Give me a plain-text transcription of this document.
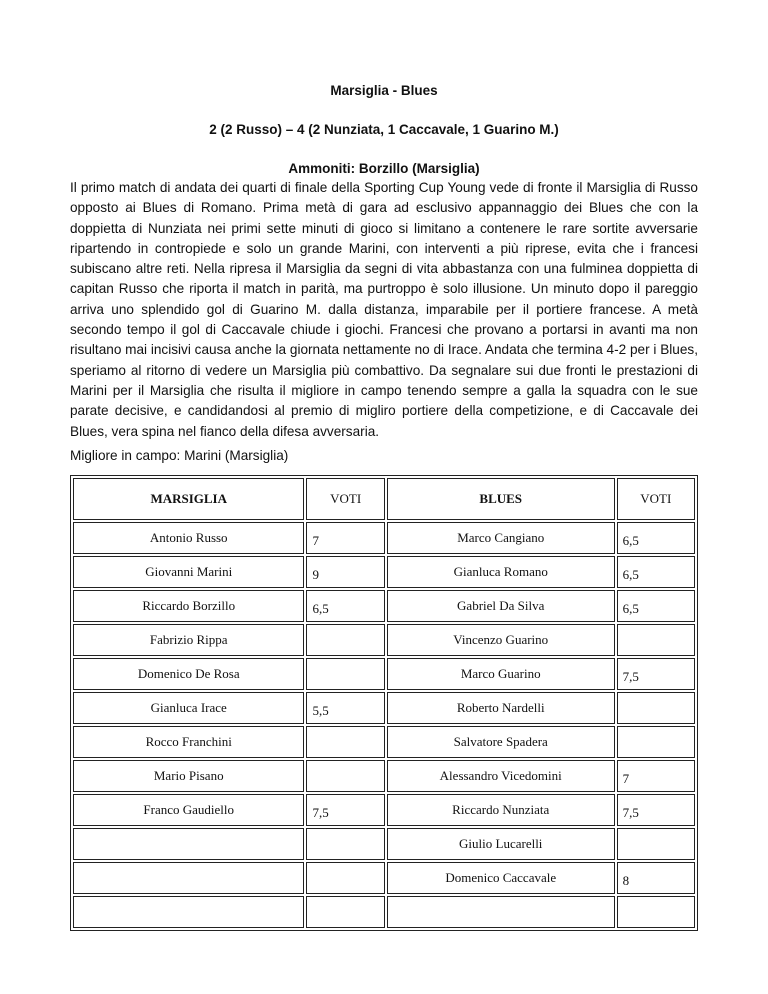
Marsiglia - Blues
2 (2 Russo) – 4 (2 Nunziata, 1 Caccavale, 1 Guarino M.)
Ammoniti: Borzillo (Marsiglia)

Il primo match di andata dei quarti di finale della Sporting Cup Young vede di fronte il Marsiglia di Russo opposto ai Blues di Romano. Prima metà di gara ad esclusivo appannaggio dei Blues che con la doppietta di Nunziata nei primi sette minuti di gioco si limitano a contenere le rare sortite avversarie ripartendo in contropiede e solo un grande Marini, con interventi a più riprese, evita che i francesi subiscano altre reti. Nella ripresa il Marsiglia da segni di vita abbastanza con una fulminea doppietta di capitan Russo che riporta il match in parità, ma purtroppo è solo illusione. Un minuto dopo il pareggio arriva uno splendido gol di Guarino M. dalla distanza, imparabile per il portiere francese. A metà secondo tempo il gol di Caccavale chiude i giochi. Francesi che provano a portarsi in avanti ma non risultano mai incisivi causa anche la giornata nettamente no di Irace. Andata che termina 4-2 per i Blues, speriamo al ritorno di vedere un Marsiglia più combattivo. Da segnalare sui due fronti le prestazioni di Marini per il Marsiglia che risulta il migliore in campo tenendo sempre a galla la squadra con le sue parate decisive, e candidandosi al premio di migliro portiere della competizione, e di Caccavale dei Blues, vera spina nel fianco della difesa avversaria.

Migliore in campo: Marini (Marsiglia)

MARSIGLIA	VOTI	BLUES	VOTI
Antonio Russo	7	Marco Cangiano	6,5
Giovanni Marini	9	Gianluca Romano	6,5
Riccardo Borzillo	6,5	Gabriel Da Silva	6,5
Fabrizio Rippa		Vincenzo Guarino	
Domenico De Rosa		Marco Guarino	7,5
Gianluca Irace	5,5	Roberto Nardelli	
Rocco Franchini		Salvatore Spadera	
Mario Pisano		Alessandro Vicedomini	7
Franco Gaudiello	7,5	Riccardo Nunziata	7,5
		Giulio Lucarelli	
		Domenico Caccavale	8
